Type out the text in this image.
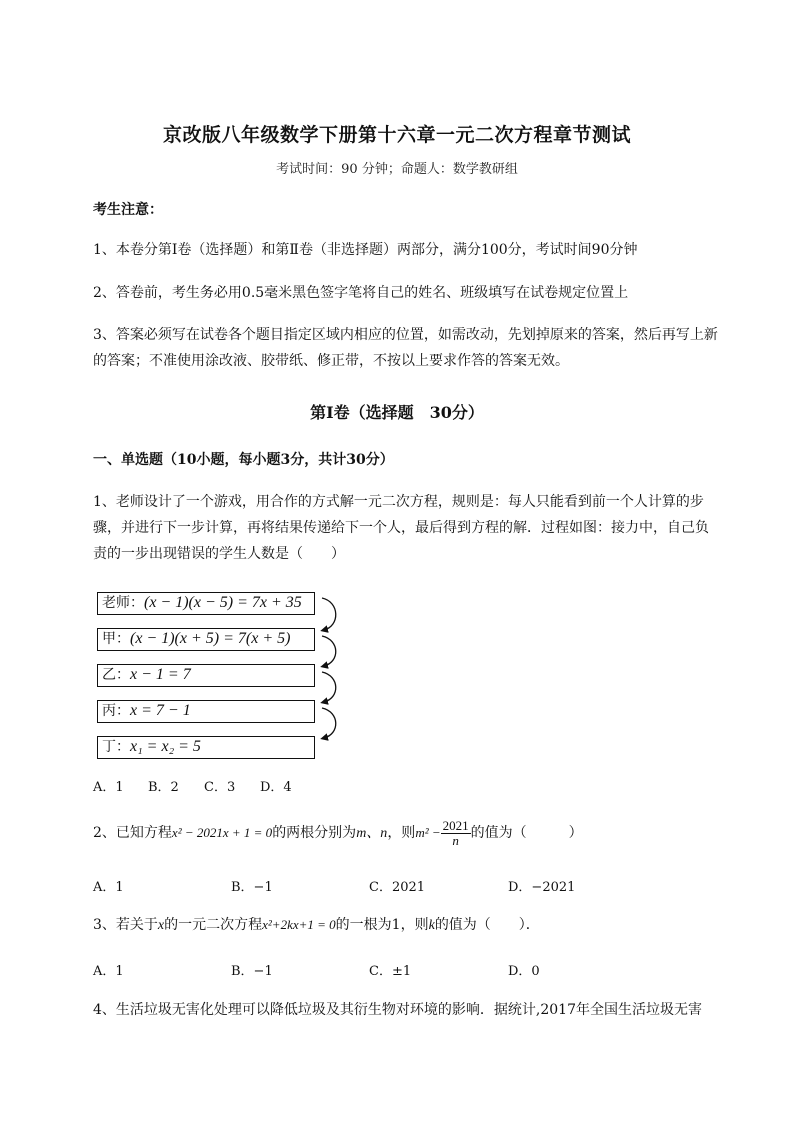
京改版八年级数学下册第十六章一元二次方程章节测试
考试时间：90 分钟；命题人：数学教研组
考生注意：
1、本卷分第Ⅰ卷（选择题）和第Ⅱ卷（非选择题）两部分，满分100分，考试时间90分钟
2、答卷前，考生务必用0.5毫米黑色签字笔将自己的姓名、班级填写在试卷规定位置上
3、答案必须写在试卷各个题目指定区域内相应的位置，如需改动，先划掉原来的答案，然后再写上新
的答案；不准使用涂改液、胶带纸、修正带，不按以上要求作答的答案无效。
第Ⅰ卷（选择题　30分）
一、单选题（10小题，每小题3分，共计30分）
1、老师设计了一个游戏，用合作的方式解一元二次方程，规则是：每人只能看到前一个人计算的步
骤，并进行下一步计算，再将结果传递给下一个人，最后得到方程的解．过程如图：接力中，自己负
责的一步出现错误的学生人数是（　　）
老师：(x − 1)(x − 5) = 7x + 35
甲：(x − 1)(x + 5) = 7(x + 5)
乙：x − 1 = 7
丙：x = 7 − 1
丁：x₁ = x₂ = 5
A．1 B．2 C．3 D．4
2、已知方程x² − 2021x + 1 = 0的两根分别为m、n，则$m^2 - \frac{2021}{n}$ 的值为（　　　）
A．1	B．−1	C．2021	D．−2021
3、若关于x的一元二次方程x²+2kx+1 = 0的一根为1，则k的值为（　　）．
A．1	B．−1	C．±1	D．0
4、生活垃圾无害化处理可以降低垃圾及其衍生物对环境的影响．据统计,2017年全国生活垃圾无害
